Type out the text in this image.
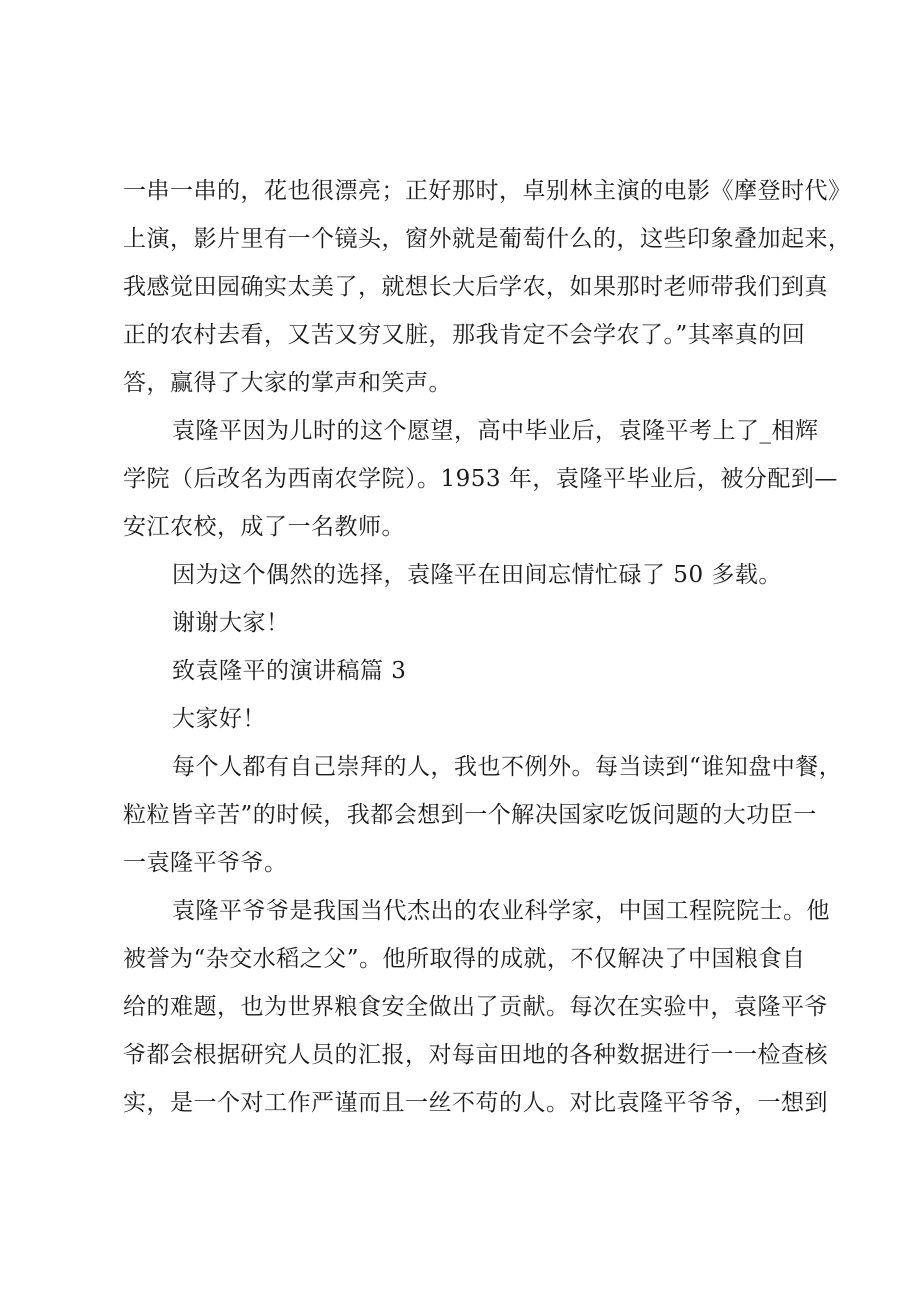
一串一串的，花也很漂亮；正好那时，卓别林主演的电影《摩登时代》
上演，影片里有一个镜头，窗外就是葡萄什么的，这些印象叠加起来，
我感觉田园确实太美了，就想长大后学农，如果那时老师带我们到真
正的农村去看，又苦又穷又脏，那我肯定不会学农了。”其率真的回
答，赢得了大家的掌声和笑声。
袁隆平因为儿时的这个愿望，高中毕业后，袁隆平考上了_相辉
学院（后改名为西南农学院）。1953 年，袁隆平毕业后，被分配到—
安江农校，成了一名教师。
因为这个偶然的选择，袁隆平在田间忘情忙碌了 50 多载。
谢谢大家！
致袁隆平的演讲稿篇 3
大家好！
每个人都有自己崇拜的人，我也不例外。每当读到“谁知盘中餐，
粒粒皆辛苦”的时候，我都会想到一个解决国家吃饭问题的大功臣一
一袁隆平爷爷。
袁隆平爷爷是我国当代杰出的农业科学家，中国工程院院士。他
被誉为“杂交水稻之父”。他所取得的成就，不仅解决了中国粮食自
给的难题，也为世界粮食安全做出了贡献。每次在实验中，袁隆平爷
爷都会根据研究人员的汇报，对每亩田地的各种数据进行一一检查核
实，是一个对工作严谨而且一丝不苟的人。对比袁隆平爷爷，一想到
